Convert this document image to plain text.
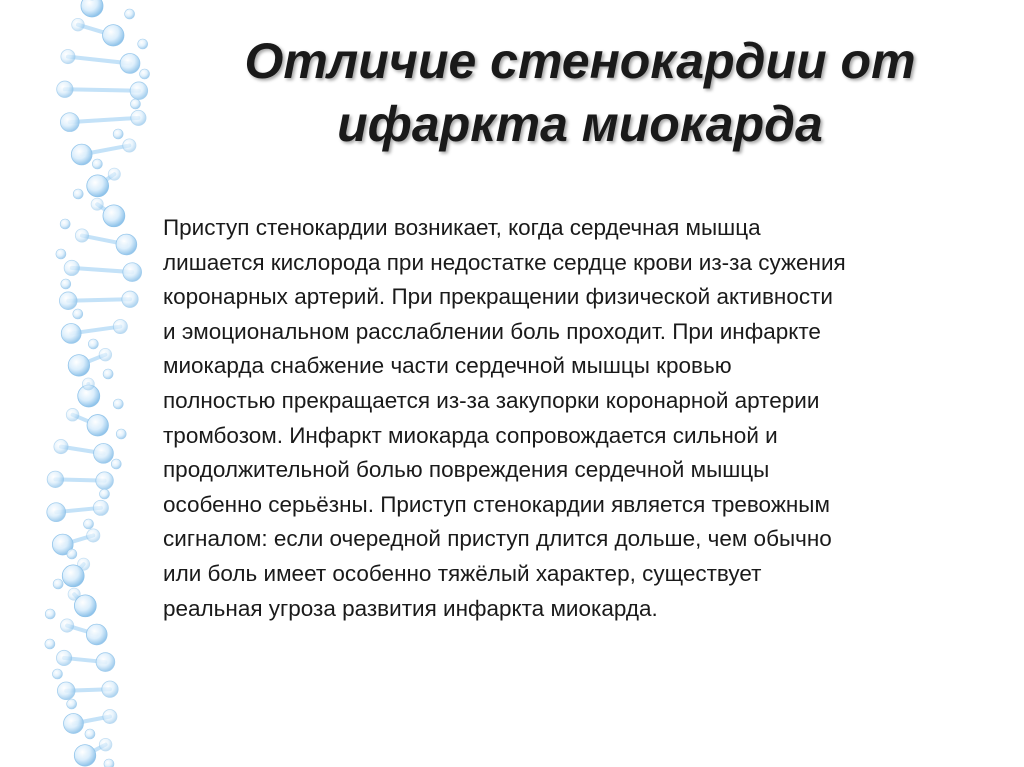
Отличие стенокардии от
ифаркта миокарда
Приступ стенокардии возникает, когда сердечная мышца
лишается кислорода при недостатке сердце крови из-за сужения
коронарных артерий. При прекращении физической активности
и эмоциональном расслаблении боль проходит. При инфаркте
миокарда снабжение части сердечной мышцы кровью
полностью прекращается из-за закупорки коронарной артерии
тромбозом. Инфаркт миокарда сопровождается сильной и
продолжительной болью повреждения сердечной мышцы
особенно серьёзны. Приступ стенокардии является тревожным
сигналом: если очередной приступ длится дольше, чем обычно
или боль имеет особенно тяжёлый характер, существует
реальная угроза развития инфаркта миокарда.
